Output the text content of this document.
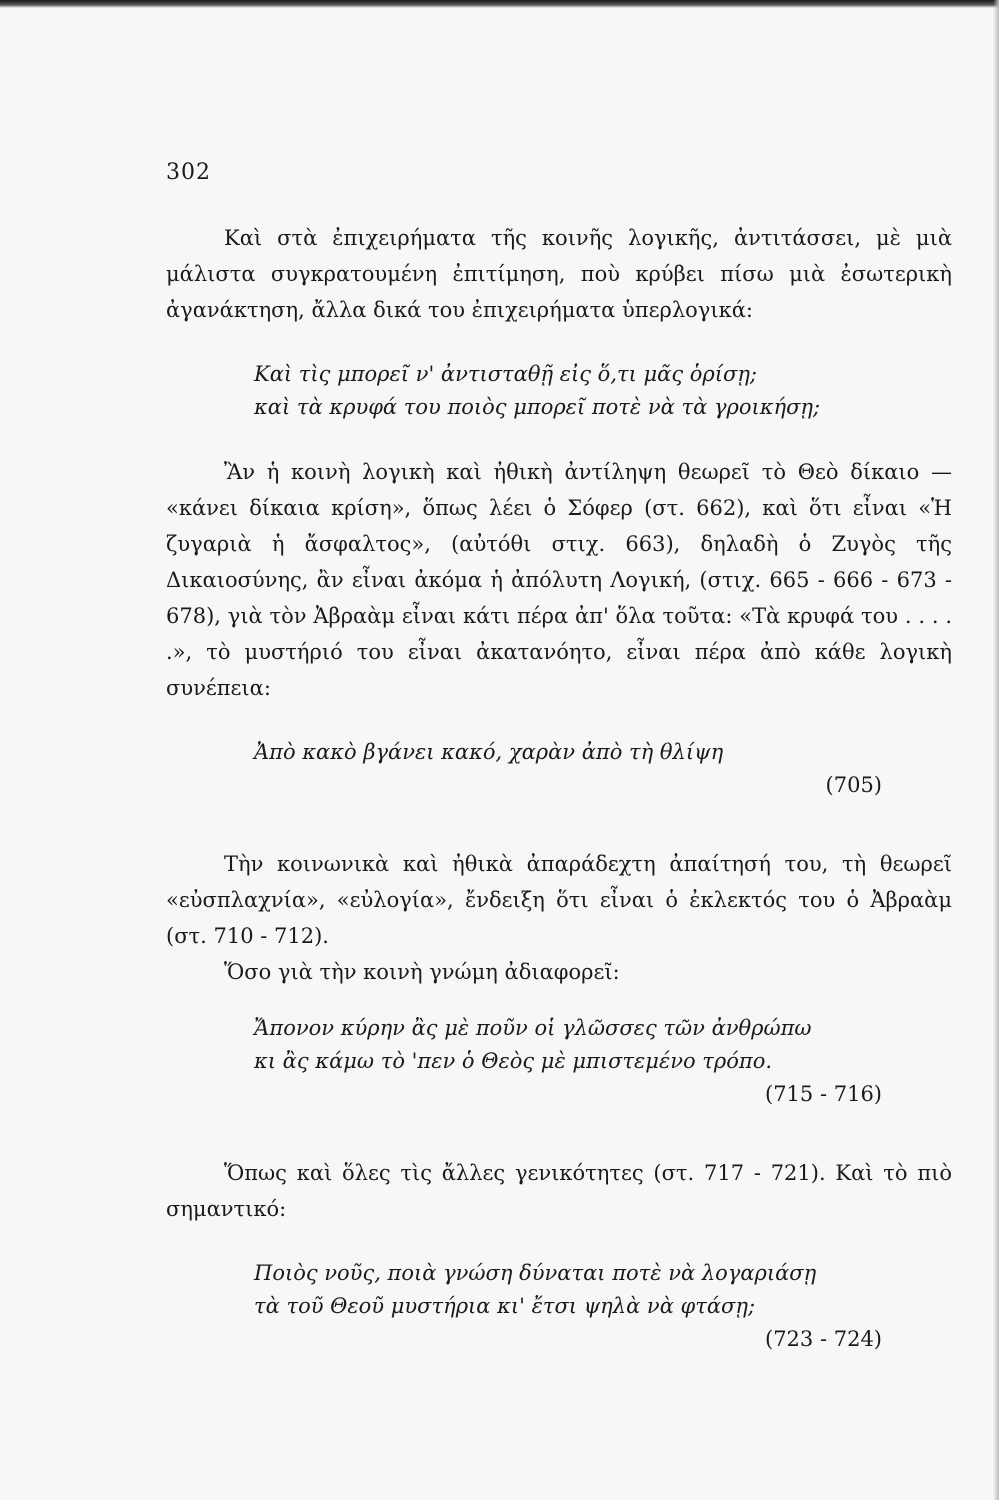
302

Καὶ στὰ ἐπιχειρήματα τῆς κοινῆς λογικῆς, ἀντιτάσσει, μὲ μιὰ μάλιστα συγκρατουμένη ἐπιτίμηση, ποὺ κρύβει πίσω μιὰ ἐσωτερικὴ ἀγανάκτηση, ἄλλα δικά του ἐπιχειρήματα ὑπερλογικά:

Καὶ τὶς μπορεῖ ν' ἀντισταθῇ εἰς ὅ,τι μᾶς ὁρίσῃ;

καὶ τὰ κρυφά του ποιὸς μπορεῖ ποτὲ νὰ τὰ γροικήσῃ;

Ἂν ἡ κοινὴ λογικὴ καὶ ἠθικὴ ἀντίληψη θεωρεῖ τὸ Θεὸ δίκαιο — «κάνει δίκαια κρίση», ὅπως λέει ὁ Σόφερ (στ. 662), καὶ ὅτι εἶναι «Ἡ ζυγαριὰ ἡ ἄσφαλτος», (αὐτόθι στιχ. 663), δηλαδὴ ὁ Ζυγὸς τῆς Δικαιοσύνης, ἂν εἶναι ἀκόμα ἡ ἀπόλυτη Λογική, (στιχ. 665 - 666 - 673 - 678), γιὰ τὸν Ἀβραὰμ εἶναι κάτι πέρα ἀπ' ὅλα τοῦτα: «Τὰ κρυφά του . . . . .», τὸ μυστήριό του εἶναι ἀκατανόητο, εἶναι πέρα ἀπὸ κάθε λογικὴ συνέπεια:

Ἀπὸ κακὸ βγάνει κακό, χαρὰν ἀπὸ τὴ θλίψη

(705)

Τὴν κοινωνικὰ καὶ ἠθικὰ ἀπαράδεχτη ἀπαίτησή του, τὴ θεωρεῖ «εὐσπλαχνία», «εὐλογία», ἔνδειξη ὅτι εἶναι ὁ ἐκλεκτός του ὁ Ἀβραὰμ (στ. 710 - 712).

Ὅσο γιὰ τὴν κοινὴ γνώμη ἀδιαφορεῖ:

Ἄπονον κύρην ἂς μὲ ποῦν οἱ γλῶσσες τῶν ἀνθρώπω

κι ἂς κάμω τὸ 'πεν ὁ Θεὸς μὲ μπιστεμένο τρόπο.

(715 - 716)

Ὅπως καὶ ὅλες τὶς ἄλλες γενικότητες (στ. 717 - 721). Καὶ τὸ πιὸ σημαντικό:

Ποιὸς νοῦς, ποιὰ γνώση δύναται ποτὲ νὰ λογαριάσῃ

τὰ τοῦ Θεοῦ μυστήρια κι' ἔτσι ψηλὰ νὰ φτάσῃ;

(723 - 724)
